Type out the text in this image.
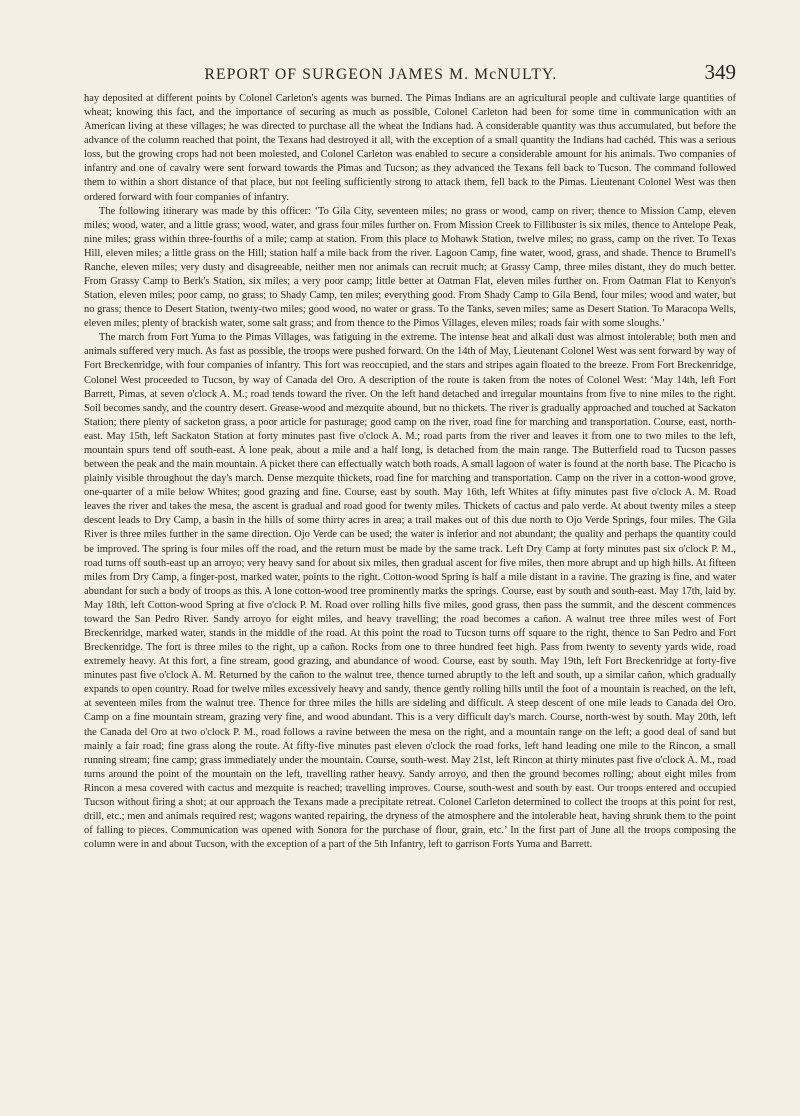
REPORT OF SURGEON JAMES M. McNULTY.	349

hay deposited at different points by Colonel Carleton's agents was burned. The Pimas Indians are an agricultural people and cultivate large quantities of wheat; knowing this fact, and the importance of securing as much as possible, Colonel Carleton had been for some time in communication with an American living at these villages; he was directed to purchase all the wheat the Indians had. A considerable quantity was thus accumulated, but before the advance of the column reached that point, the Texans had destroyed it all, with the exception of a small quantity the Indians had cachéd. This was a serious loss, but the growing crops had not been molested, and Colonel Carleton was enabled to secure a considerable amount for his animals. Two companies of infantry and one of cavalry were sent forward towards the Pimas and Tucson; as they advanced the Texans fell back to Tucson. The command followed them to within a short distance of that place, but not feeling sufficiently strong to attack them, fell back to the Pimas. Lieutenant Colonel West was then ordered forward with four companies of infantry.

The following itinerary was made by this officer: ‘To Gila City, seventeen miles; no grass or wood, camp on river; thence to Mission Camp, eleven miles; wood, water, and a little grass; wood, water, and grass four miles further on. From Mission Creek to Fillibuster is six miles, thence to Antelope Peak, nine miles; grass within three-fourths of a mile; camp at station. From this place to Mohawk Station, twelve miles; no grass, camp on the river. To Texas Hill, eleven miles; a little grass on the Hill; station half a mile back from the river. Lagoon Camp, fine water, wood, grass, and shade. Thence to Brumell's Ranche, eleven miles; very dusty and disagreeable, neither men nor animals can recruit much; at Grassy Camp, three miles distant, they do much better. From Grassy Camp to Berk's Station, six miles; a very poor camp; little better at Oatman Flat, eleven miles further on. From Oatman Flat to Kenyon's Station, eleven miles; poor camp, no grass; to Shady Camp, ten miles; everything good. From Shady Camp to Gila Bend, four miles; wood and water, but no grass; thence to Desert Station, twenty-two miles; good wood, no water or grass. To the Tanks, seven miles; same as Desert Station. To Maracopa Wells, eleven miles; plenty of brackish water, some salt grass; and from thence to the Pimos Villages, eleven miles; roads fair with some sloughs.’

The march from Fort Yuma to the Pimas Villages, was fatiguing in the extreme. The intense heat and alkali dust was almost intolerable; both men and animals suffered very much. As fast as possible, the troops were pushed forward. On the 14th of May, Lieutenant Colonel West was sent forward by way of Fort Breckenridge, with four companies of infantry. This fort was reoccupied, and the stars and stripes again floated to the breeze. From Fort Breckenridge, Colonel West proceeded to Tucson, by way of Canada del Oro. A description of the route is taken from the notes of Colonel West: ‘May 14th, left Fort Barrett, Pimas, at seven o'clock A. M.; road tends toward the river. On the left hand detached and irregular mountains from five to nine miles to the right. Soil becomes sandy, and the country desert. Grease-wood and mezquite abound, but no thickets. The river is gradually approached and touched at Sackaton Station; there plenty of sacketon grass, a poor article for pasturage; good camp on the river, road fine for marching and transportation. Course, east, north-east. May 15th, left Sackaton Station at forty minutes past five o'clock A. M.; road parts from the river and leaves it from one to two miles to the left, mountain spurs tend off south-east. A lone peak, about a mile and a half long, is detached from the main range. The Butterfield road to Tucson passes between the peak and the main mountain. A picket there can effectually watch both roads. A small lagoon of water is found at the north base. The Picacho is plainly visible throughout the day's march. Dense mezquite thickets, road fine for marching and transportation. Camp on the river in a cotton-wood grove, one-quarter of a mile below Whites; good grazing and fine. Course, east by south. May 16th, left Whites at fifty minutes past five o'clock A. M. Road leaves the river and takes the mesa, the ascent is gradual and road good for twenty miles. Thickets of cactus and palo verde. At about twenty miles a steep descent leads to Dry Camp, a basin in the hills of some thirty acres in area; a trail makes out of this due north to Ojo Verde Springs, four miles. The Gila River is three miles further in the same direction. Ojo Verde can be used; the water is inferior and not abundant; the quality and perhaps the quantity could be improved. The spring is four miles off the road, and the return must be made by the same track. Left Dry Camp at forty minutes past six o'clock P. M., road turns off south-east up an arroyo; very heavy sand for about six miles, then gradual ascent for five miles, then more abrupt and up high hills. At fifteen miles from Dry Camp, a finger-post, marked water, points to the right. Cotton-wood Spring is half a mile distant in a ravine. The grazing is fine, and water abundant for such a body of troops as this. A lone cotton-wood tree prominently marks the springs. Course, east by south and south-east. May 17th, laid by. May 18th, left Cotton-wood Spring at five o'clock P. M. Road over rolling hills five miles, good grass, then pass the summit, and the descent commences toward the San Pedro River. Sandy arroyo for eight miles, and heavy travelling; the road becomes a cañon. A walnut tree three miles west of Fort Breckenridge, marked water, stands in the middle of the road. At this point the road to Tucson turns off square to the right, thence to San Pedro and Fort Breckenridge. The fort is three miles to the right, up a cañon. Rocks from one to three hundred feet high. Pass from twenty to seventy yards wide, road extremely heavy. At this fort, a fine stream, good grazing, and abundance of wood. Course, east by south. May 19th, left Fort Breckenridge at forty-five minutes past five o'clock A. M. Returned by the cañon to the walnut tree, thence turned abruptly to the left and south, up a similar cañon, which gradually expands to open country. Road for twelve miles excessively heavy and sandy, thence gently rolling hills until the foot of a mountain is reached, on the left, at seventeen miles from the walnut tree. Thence for three miles the hills are sideling and difficult. A steep descent of one mile leads to Canada del Oro. Camp on a fine mountain stream, grazing very fine, and wood abundant. This is a very difficult day's march. Course, north-west by south. May 20th, left the Canada del Oro at two o'clock P. M., road follows a ravine between the mesa on the right, and a mountain range on the left; a good deal of sand but mainly a fair road; fine grass along the route. At fifty-five minutes past eleven o'clock the road forks, left hand leading one mile to the Rincon, a small running stream; fine camp; grass immediately under the mountain. Course, south-west. May 21st, left Rincon at thirty minutes past five o'clock A. M., road turns around the point of the mountain on the left, travelling rather heavy. Sandy arroyo, and then the ground becomes rolling; about eight miles from Rincon a mesa covered with cactus and mezquite is reached; travelling improves. Course, south-west and south by east. Our troops entered and occupied Tucson without firing a shot; at our approach the Texans made a precipitate retreat. Colonel Carleton determined to collect the troops at this point for rest, drill, etc.; men and animals required rest; wagons wanted repairing, the dryness of the atmosphere and the intolerable heat, having shrunk them to the point of falling to pieces. Communication was opened with Sonora for the purchase of flour, grain, etc.’ In the first part of June all the troops composing the column were in and about Tucson, with the exception of a part of the 5th Infantry, left to garrison Forts Yuma and Barrett.
